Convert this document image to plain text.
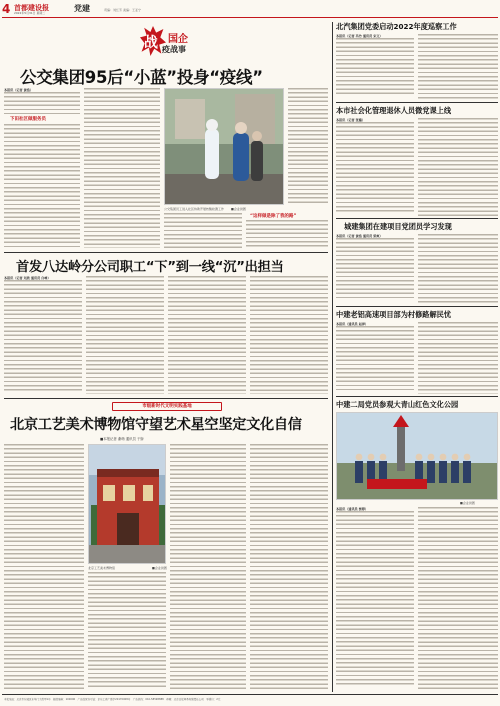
4 首都建设报
2022年5月31日 星期二	党建	责编：刘红芳 美编：王亚宁
战 国企
疫战事
公交集团95后“小蓝”投身“疫线”
本报讯（记者 黄浩）
下田社区做服务员
公交集团员工进入社区协助开展核酸检测工作 ■企业供图
“这样做是除了我的路”
首发八达岭分公司职工“下”到一线“沉”出担当
本报讯（记者 刘欣 通讯员 白峥）
市级新时代文明实践基地
北京工艺美术博物馆守望艺术星空坚定文化自信
■本报记者 谢萌 通讯员 于娇
北京工艺美术博物馆	■企业供图
北汽集团党委启动2022年度巡察工作
本报讯（记者 冯竹 通讯员 宋文）
本市社会化管理退休人员微党课上线
本报讯（记者 张璐）
城建集团在建项目党团员学习发现
本报讯（记者 黄浩 通讯员 梁爽）
中建老铝高速项目部为村修路解民忧
本报讯（通讯员 赵萍）
中建二局党员参观大青山红色文化公园
■企业供图
本报讯（通讯员 蔡婷）
本报地址：北京市东城区东华门大街甲1号　邮政编码：100006　广告经营许可证：京东工商广登字20170008号　广告热线：010-58598888　印刷：北京日报印务有限责任公司　零售价：2元
